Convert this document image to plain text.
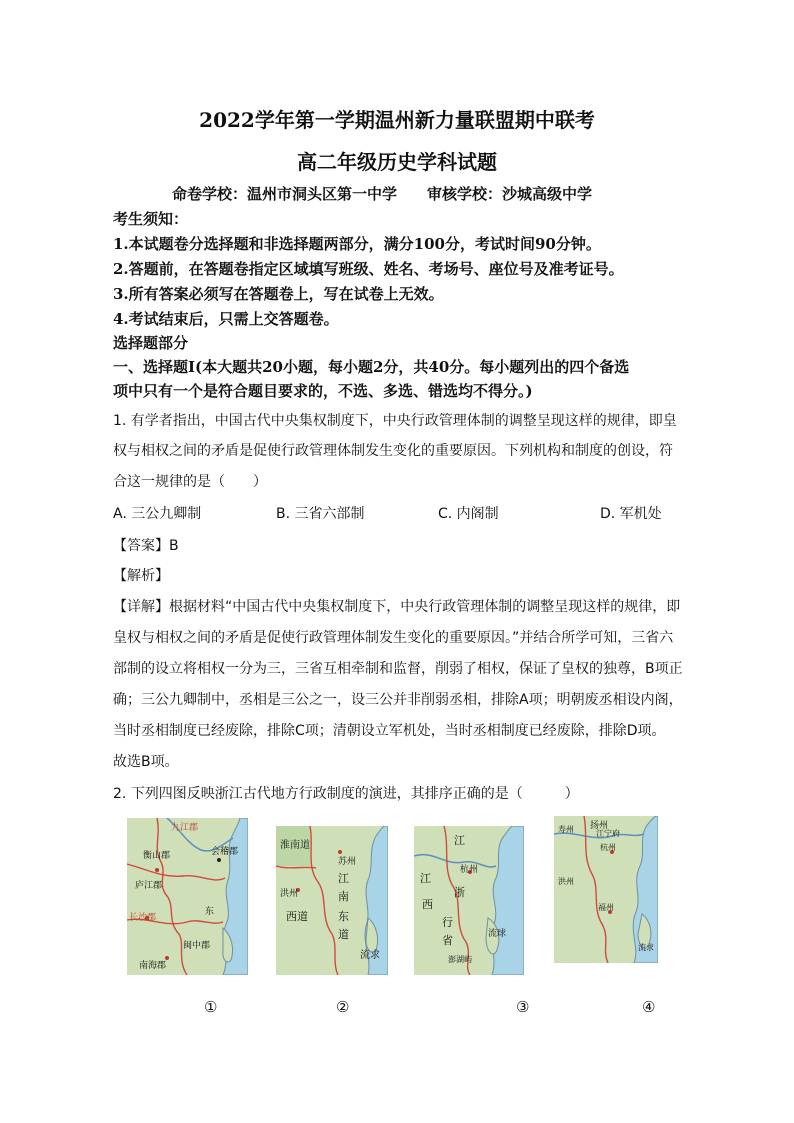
2022学年第一学期温州新力量联盟期中联考
高二年级历史学科试题
命卷学校：温州市洞头区第一中学　　审核学校：沙城高级中学
考生须知：
1.本试题卷分选择题和非选择题两部分，满分100分，考试时间90分钟。
2.答题前，在答题卷指定区域填写班级、姓名、考场号、座位号及准考证号。
3.所有答案必须写在答题卷上，写在试卷上无效。
4.考试结束后，只需上交答题卷。
选择题部分
一、选择题Ⅰ(本大题共20小题，每小题2分，共40分。每小题列出的四个备选
项中只有一个是符合题目要求的，不选、多选、错选均不得分。)
1. 有学者指出，中国古代中央集权制度下，中央行政管理体制的调整呈现这样的规律，即皇
权与相权之间的矛盾是促使行政管理体制发生变化的重要原因。下列机构和制度的创设，符
合这一规律的是（　　）
A. 三公九卿制	B. 三省六部制	C. 内阁制	D. 军机处
【答案】B
【解析】
【详解】根据材料“中国古代中央集权制度下，中央行政管理体制的调整呈现这样的规律，即
皇权与相权之间的矛盾是促使行政管理体制发生变化的重要原因。”并结合所学可知，三省六
部制的设立将相权一分为三，三省互相牵制和监督，削弱了相权，保证了皇权的独尊，B项正
确；三公九卿制中，丞相是三公之一，设三公并非削弱丞相，排除A项；明朝废丞相设内阁，
当时丞相制度已经废除，排除C项；清朝设立军机处，当时丞相制度已经废除，排除D项。
故选B项。
2. 下列四图反映浙江古代地方行政制度的演进，其排序正确的是（　　　）
九江郡
衡山郡
庐江郡
会稽郡
东
长沙郡
闽中郡
南海郡
淮南道
苏州
江
南
洪州
东
西道
道
流求
江
江
杭州
浙
西
行
省	流球
澎湖屿
扬州
江宁府
寿州
杭州
洪州
福州
流求
①	②	③	④
